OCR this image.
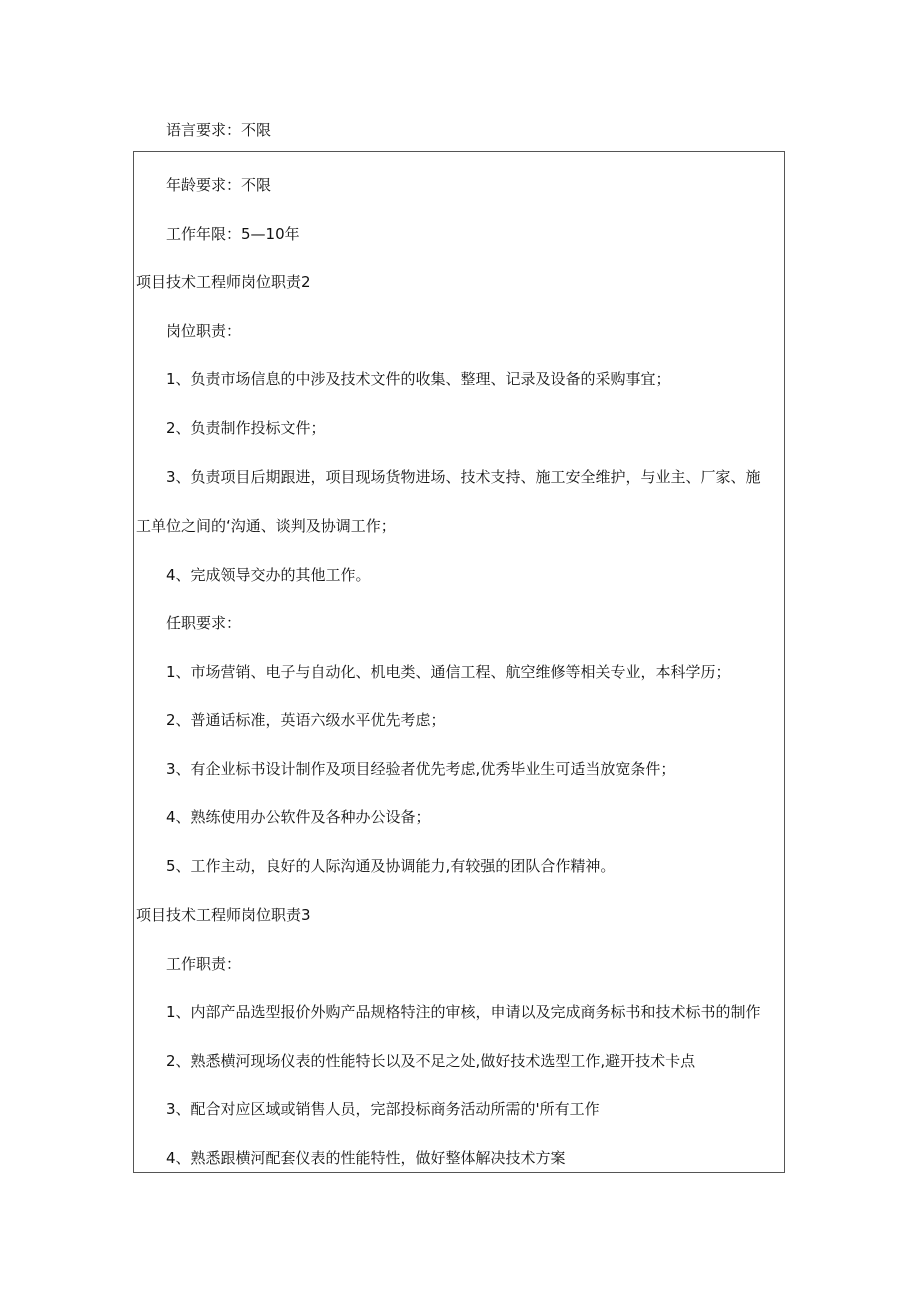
语言要求：不限
年龄要求：不限
工作年限：5—10年
项目技术工程师岗位职责2
岗位职责：
1、负责市场信息的中涉及技术文件的收集、整理、记录及设备的采购事宜；
2、负责制作投标文件；
3、负责项目后期跟进，项目现场货物进场、技术支持、施工安全维护，与业主、厂家、施
工单位之间的‘沟通、谈判及协调工作；
4、完成领导交办的其他工作。
任职要求：
1、市场营销、电子与自动化、机电类、通信工程、航空维修等相关专业，本科学历；
2、普通话标准，英语六级水平优先考虑；
3、有企业标书设计制作及项目经验者优先考虑,优秀毕业生可适当放宽条件；
4、熟练使用办公软件及各种办公设备；
5、工作主动，良好的人际沟通及协调能力,有较强的团队合作精神。
项目技术工程师岗位职责3
工作职责：
1、内部产品选型报价外购产品规格特注的审核，申请以及完成商务标书和技术标书的制作
2、熟悉横河现场仪表的性能特长以及不足之处,做好技术选型工作,避开技术卡点
3、配合对应区域或销售人员，完部投标商务活动所需的'所有工作
4、熟悉跟横河配套仪表的性能特性，做好整体解决技术方案
